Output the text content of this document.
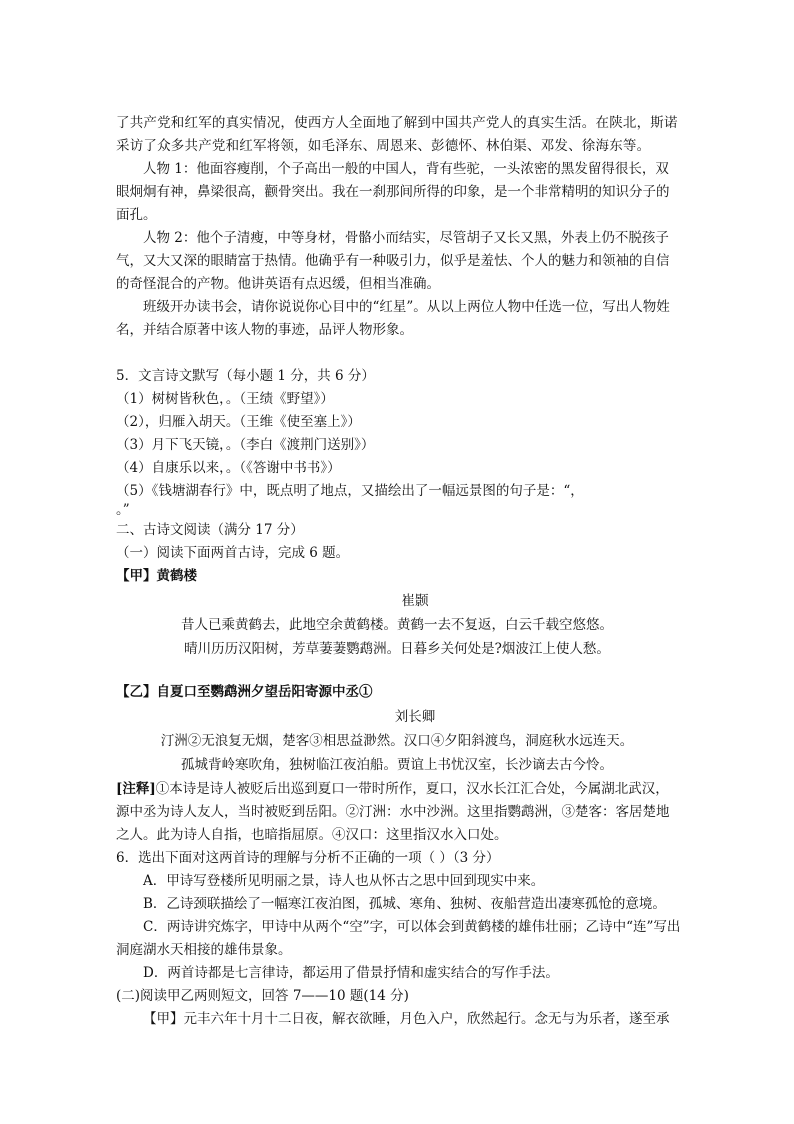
了共产党和红军的真实情况，使西方人全面地了解到中国共产党人的真实生活。在陕北，斯诺
采访了众多共产党和红军将领，如毛泽东、周恩来、彭德怀、林伯渠、邓发、徐海东等。
人物 1：他面容瘦削，个子高出一般的中国人，背有些驼，一头浓密的黑发留得很长，双
眼炯炯有神，鼻梁很高，颧骨突出。我在一刹那间所得的印象，是一个非常精明的知识分子的
面孔。
人物 2：他个子清瘦，中等身材，骨骼小而结实，尽管胡子又长又黑，外表上仍不脱孩子
气，又大又深的眼睛富于热情。他确乎有一种吸引力，似乎是羞怯、个人的魅力和领袖的自信
的奇怪混合的产物。他讲英语有点迟缓，但相当准确。
班级开办读书会，请你说说你心目中的“红星”。从以上两位人物中任选一位，写出人物姓
名，并结合原著中该人物的事迹，品评人物形象。
5．文言诗文默写（每小题 1 分，共 6 分）
（1）树树皆秋色，。（王绩《野望》）
（2），归雁入胡天。（王维《使至塞上》）
（3）月下飞天镜，。（李白《渡荆门送别》）
（4）自康乐以来，。（《答谢中书书》）
（5）《钱塘湖春行》中，既点明了地点，又描绘出了一幅远景图的句子是：“，
。”
二、古诗文阅读（满分 17 分）
（一）阅读下面两首古诗，完成 6 题。
【甲】黄鹤楼
崔颢
昔人已乘黄鹤去，此地空余黄鹤楼。黄鹤一去不复返，白云千载空悠悠。
晴川历历汉阳树，芳草萋萋鹦鹉洲。日暮乡关何处是?烟波江上使人愁。
【乙】自夏口至鹦鹉洲夕望岳阳寄源中丞①
刘长卿
汀洲②无浪复无烟，楚客③相思益渺然。汉口④夕阳斜渡鸟，洞庭秋水远连天。
孤城背岭寒吹角，独树临江夜泊船。贾谊上书忧汉室，长沙谪去古今怜。
[注释]①本诗是诗人被贬后出巡到夏口一带时所作，夏口，汉水长江汇合处，今属湖北武汉，
源中丞为诗人友人，当时被贬到岳阳。②汀洲：水中沙洲。这里指鹦鹉洲，③楚客：客居楚地
之人。此为诗人自指，也暗指屈原。④汉口：这里指汉水入口处。
6．选出下面对这两首诗的理解与分析不正确的一项（ ）（3 分）
A．甲诗写登楼所见明丽之景，诗人也从怀古之思中回到现实中来。
B．乙诗颈联描绘了一幅寒江夜泊图，孤城、寒角、独树、夜船营造出凄寒孤怆的意境。
C．两诗讲究炼字，甲诗中从两个“空”字，可以体会到黄鹤楼的雄伟壮丽；乙诗中“连”写出
洞庭湖水天相接的雄伟景象。
D．两首诗都是七言律诗，都运用了借景抒情和虚实结合的写作手法。
(二)阅读甲乙两则短文，回答 7——10 题(14 分)
【甲】元丰六年十月十二日夜，解衣欲睡，月色入户，欣然起行。念无与为乐者，遂至承
